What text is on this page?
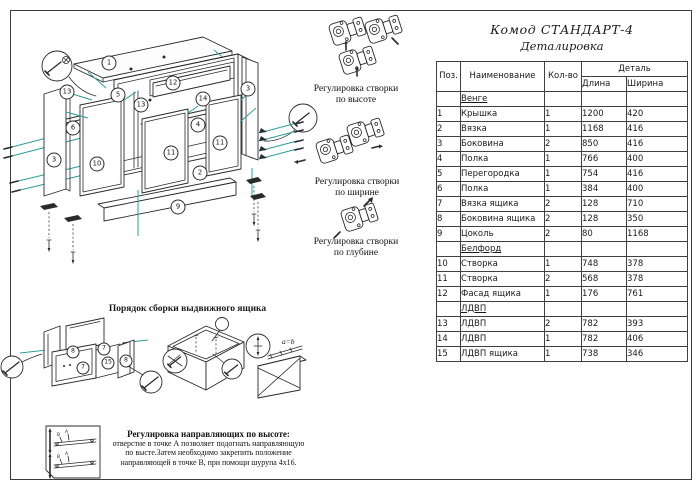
В
А
В
А
1
13	5
13
12
14
3
6
3	10
4
11
11
2
9
8	7
7
15	8
Комод СТАНДАРТ-4
Деталировка
Регулировка створки
по высоте
Регулировка створки
по ширине
Регулировка створки
по глубине
Порядок сборки выдвижного ящика
а=b
Регулировка направляющих по высоте:
отверстие в точке А позволяет подогнать направляющую
по высте.Затем необходимо закрепить положение
направляющей в точке В, при помощи шурупа 4х16.
Поз.	Наименование	Кол-во	Деталь	
			Длина	Ширина
	Венге			
1	Крышка	1	1200	420
2	Вязка	1	1168	416
3	Боковина	2	850	416
4	Полка	1	766	400
5	Перегородка	1	754	416
6	Полка	1	384	400
7	Вязка ящика	2	128	710
8	Боковина ящика	2	128	350
9	Цоколь	2	80	1168
	Белфорд			
10	Створка	1	748	378
11	Створка	2	568	378
12	Фасад ящика	1	176	761
	ЛДВП			
13	ЛДВП	2	782	393
14	ЛДВП	1	782	406
15	ЛДВП ящика	1	738	346
